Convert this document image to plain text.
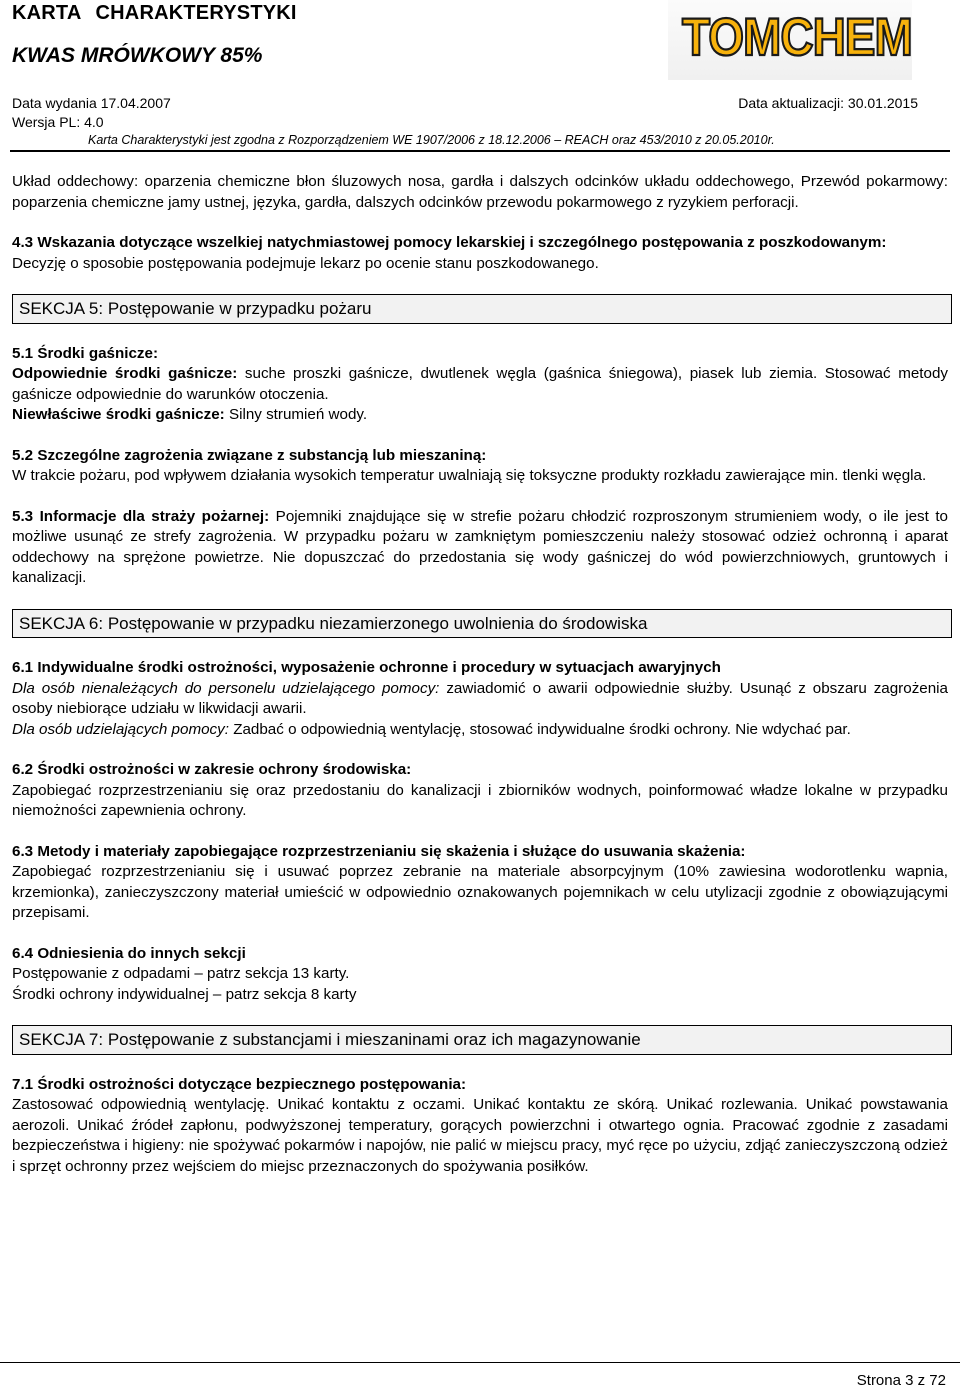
KARTA CHARAKTERYSTYKI
KWAS MRÓWKOWY 85%	TOMCHEM
Data wydania 17.04.2007	Data aktualizacji: 30.01.2015
Wersja PL: 4.0
Karta Charakterystyki jest zgodna z Rozporządzeniem WE 1907/2006 z 18.12.2006 – REACH oraz 453/2010 z 20.05.2010r.

Układ oddechowy: oparzenia chemiczne błon śluzowych nosa, gardła i dalszych odcinków układu oddechowego, Przewód pokarmowy: poparzenia chemiczne jamy ustnej, języka, gardła, dalszych odcinków przewodu pokarmowego z ryzykiem perforacji.

4.3 Wskazania dotyczące wszelkiej natychmiastowej pomocy lekarskiej i szczególnego postępowania z poszkodowanym:

Decyzję o sposobie postępowania podejmuje lekarz po ocenie stanu poszkodowanego.

SEKCJA 5: Postępowanie w przypadku pożaru

5.1 Środki gaśnicze:

Odpowiednie środki gaśnicze: suche proszki gaśnicze, dwutlenek węgla (gaśnica śniegowa), piasek lub ziemia. Stosować metody gaśnicze odpowiednie do warunków otoczenia.

Niewłaściwe środki gaśnicze: Silny strumień wody.

5.2 Szczególne zagrożenia związane z substancją lub mieszaniną:

W trakcie pożaru, pod wpływem działania wysokich temperatur uwalniają się toksyczne produkty rozkładu zawierające min. tlenki węgla.

5.3 Informacje dla straży pożarnej: Pojemniki znajdujące się w strefie pożaru chłodzić rozproszonym strumieniem wody, o ile jest to możliwe usunąć ze strefy zagrożenia. W przypadku pożaru w zamkniętym pomieszczeniu należy stosować odzież ochronną i aparat oddechowy na sprężone powietrze. Nie dopuszczać do przedostania się wody gaśniczej do wód powierzchniowych, gruntowych i kanalizacji.

SEKCJA 6: Postępowanie w przypadku niezamierzonego uwolnienia do środowiska

6.1 Indywidualne środki ostrożności, wyposażenie ochronne i procedury w sytuacjach awaryjnych

Dla osób nienależących do personelu udzielającego pomocy: zawiadomić o awarii odpowiednie służby. Usunąć z obszaru zagrożenia osoby niebiorące udziału w likwidacji awarii.

Dla osób udzielających pomocy: Zadbać o odpowiednią wentylację, stosować indywidualne środki ochrony. Nie wdychać par.

6.2 Środki ostrożności w zakresie ochrony środowiska:

Zapobiegać rozprzestrzenianiu się oraz przedostaniu do kanalizacji i zbiorników wodnych, poinformować władze lokalne w przypadku niemożności zapewnienia ochrony.

6.3 Metody i materiały zapobiegające rozprzestrzenianiu się skażenia i służące do usuwania skażenia:

Zapobiegać rozprzestrzenianiu się i usuwać poprzez zebranie na materiale absorpcyjnym (10% zawiesina wodorotlenku wapnia, krzemionka), zanieczyszczony materiał umieścić w odpowiednio oznakowanych pojemnikach w celu utylizacji zgodnie z obowiązującymi przepisami.

6.4 Odniesienia do innych sekcji

Postępowanie z odpadami – patrz sekcja 13 karty.

Środki ochrony indywidualnej – patrz sekcja 8 karty

SEKCJA 7: Postępowanie z substancjami i mieszaninami oraz ich magazynowanie

7.1 Środki ostrożności dotyczące bezpiecznego postępowania:

Zastosować odpowiednią wentylację. Unikać kontaktu z oczami. Unikać kontaktu ze skórą. Unikać rozlewania. Unikać powstawania aerozoli. Unikać źródeł zapłonu, podwyższonej temperatury, gorących powierzchni i otwartego ognia. Pracować zgodnie z zasadami bezpieczeństwa i higieny: nie spożywać pokarmów i napojów, nie palić w miejscu pracy, myć ręce po użyciu, zdjąć zanieczyszczoną odzież i sprzęt ochronny przez wejściem do miejsc przeznaczonych do spożywania posiłków.

Strona 3 z 72
